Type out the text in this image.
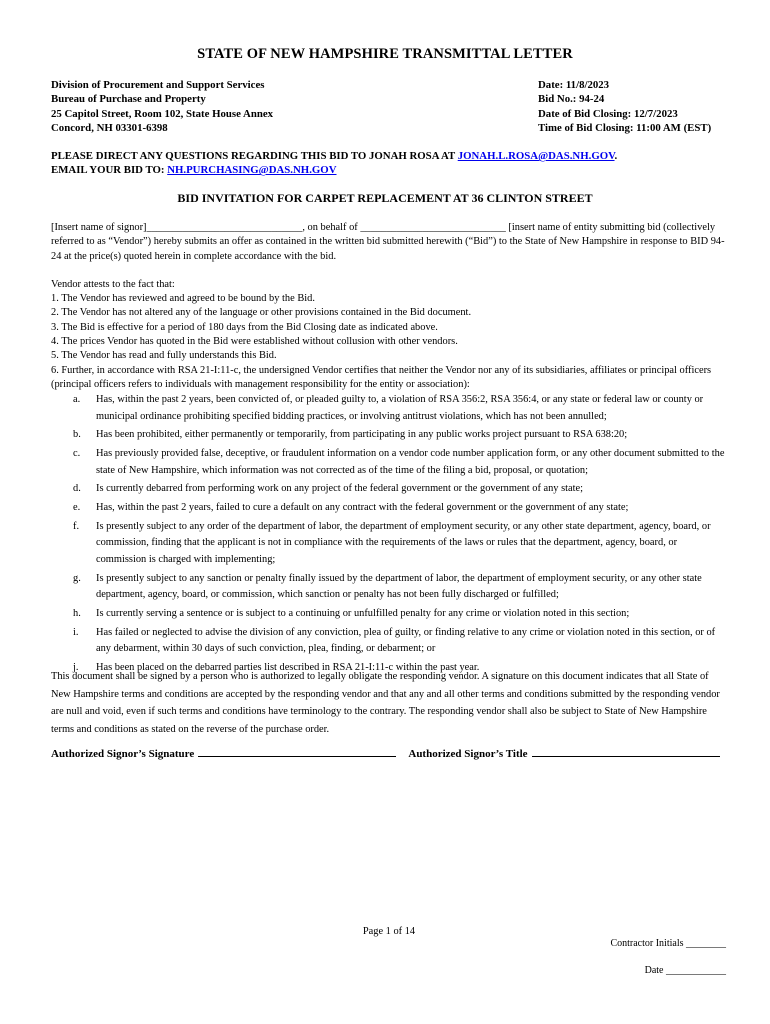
STATE OF NEW HAMPSHIRE TRANSMITTAL LETTER
Division of Procurement and Support Services
Bureau of Purchase and Property
25 Capitol Street, Room 102, State House Annex
Concord, NH 03301-6398
Date: 11/8/2023
Bid No.: 94-24
Date of Bid Closing: 12/7/2023
Time of Bid Closing: 11:00 AM (EST)
PLEASE DIRECT ANY QUESTIONS REGARDING THIS BID TO JONAH ROSA AT JONAH.L.ROSA@DAS.NH.GOV.
EMAIL YOUR BID TO: NH.PURCHASING@DAS.NH.GOV
BID INVITATION FOR CARPET REPLACEMENT AT 36 CLINTON STREET

[Insert name of signor]______________________________, on behalf of ____________________________ [insert name of entity submitting bid (collectively referred to as “Vendor”) hereby submits an offer as contained in the written bid submitted herewith (“Bid”) to the State of New Hampshire in response to BID 94-24 at the price(s) quoted herein in complete accordance with the bid.

Vendor attests to the fact that:

1. The Vendor has reviewed and agreed to be bound by the Bid.
2. The Vendor has not altered any of the language or other provisions contained in the Bid document.
3. The Bid is effective for a period of 180 days from the Bid Closing date as indicated above.
4. The prices Vendor has quoted in the Bid were established without collusion with other vendors.
5. The Vendor has read and fully understands this Bid.

6. Further, in accordance with RSA 21-I:11-c, the undersigned Vendor certifies that neither the Vendor nor any of its subsidiaries, affiliates or principal officers (principal officers refers to individuals with management responsibility for the entity or association):

a.	Has, within the past 2 years, been convicted of, or pleaded guilty to, a violation of RSA 356:2, RSA 356:4, or any state or federal law or county or municipal ordinance prohibiting specified bidding practices, or involving antitrust violations, which has not been annulled;
b.	Has been prohibited, either permanently or temporarily, from participating in any public works project pursuant to RSA 638:20;
c.	Has previously provided false, deceptive, or fraudulent information on a vendor code number application form, or any other document submitted to the state of New Hampshire, which information was not corrected as of the time of the filing a bid, proposal, or quotation;
d.	Is currently debarred from performing work on any project of the federal government or the government of any state;
e.	Has, within the past 2 years, failed to cure a default on any contract with the federal government or the government of any state;
f.	Is presently subject to any order of the department of labor, the department of employment security, or any other state department, agency, board, or commission, finding that the applicant is not in compliance with the requirements of the laws or rules that the department, agency, board, or commission is charged with implementing;
g.	Is presently subject to any sanction or penalty finally issued by the department of labor, the department of employment security, or any other state department, agency, board, or commission, which sanction or penalty has not been fully discharged or fulfilled;
h.	Is currently serving a sentence or is subject to a continuing or unfulfilled penalty for any crime or violation noted in this section;
i.	Has failed or neglected to advise the division of any conviction, plea of guilty, or finding relative to any crime or violation noted in this section, or of any debarment, within 30 days of such conviction, plea, finding, or debarment; or
j.	Has been placed on the debarred parties list described in RSA 21-I:11-c within the past year.

This document shall be signed by a person who is authorized to legally obligate the responding vendor. A signature on this document indicates that all State of New Hampshire terms and conditions are accepted by the responding vendor and that any and all other terms and conditions submitted by the responding vendor are null and void, even if such terms and conditions have terminology to the contrary. The responding vendor shall also be subject to State of New Hampshire terms and conditions as stated on the reverse of the purchase order.

Authorized Signor’s Signature	Authorized Signor’s Title
Page 1 of 14
Contractor Initials ________
Date ____________
